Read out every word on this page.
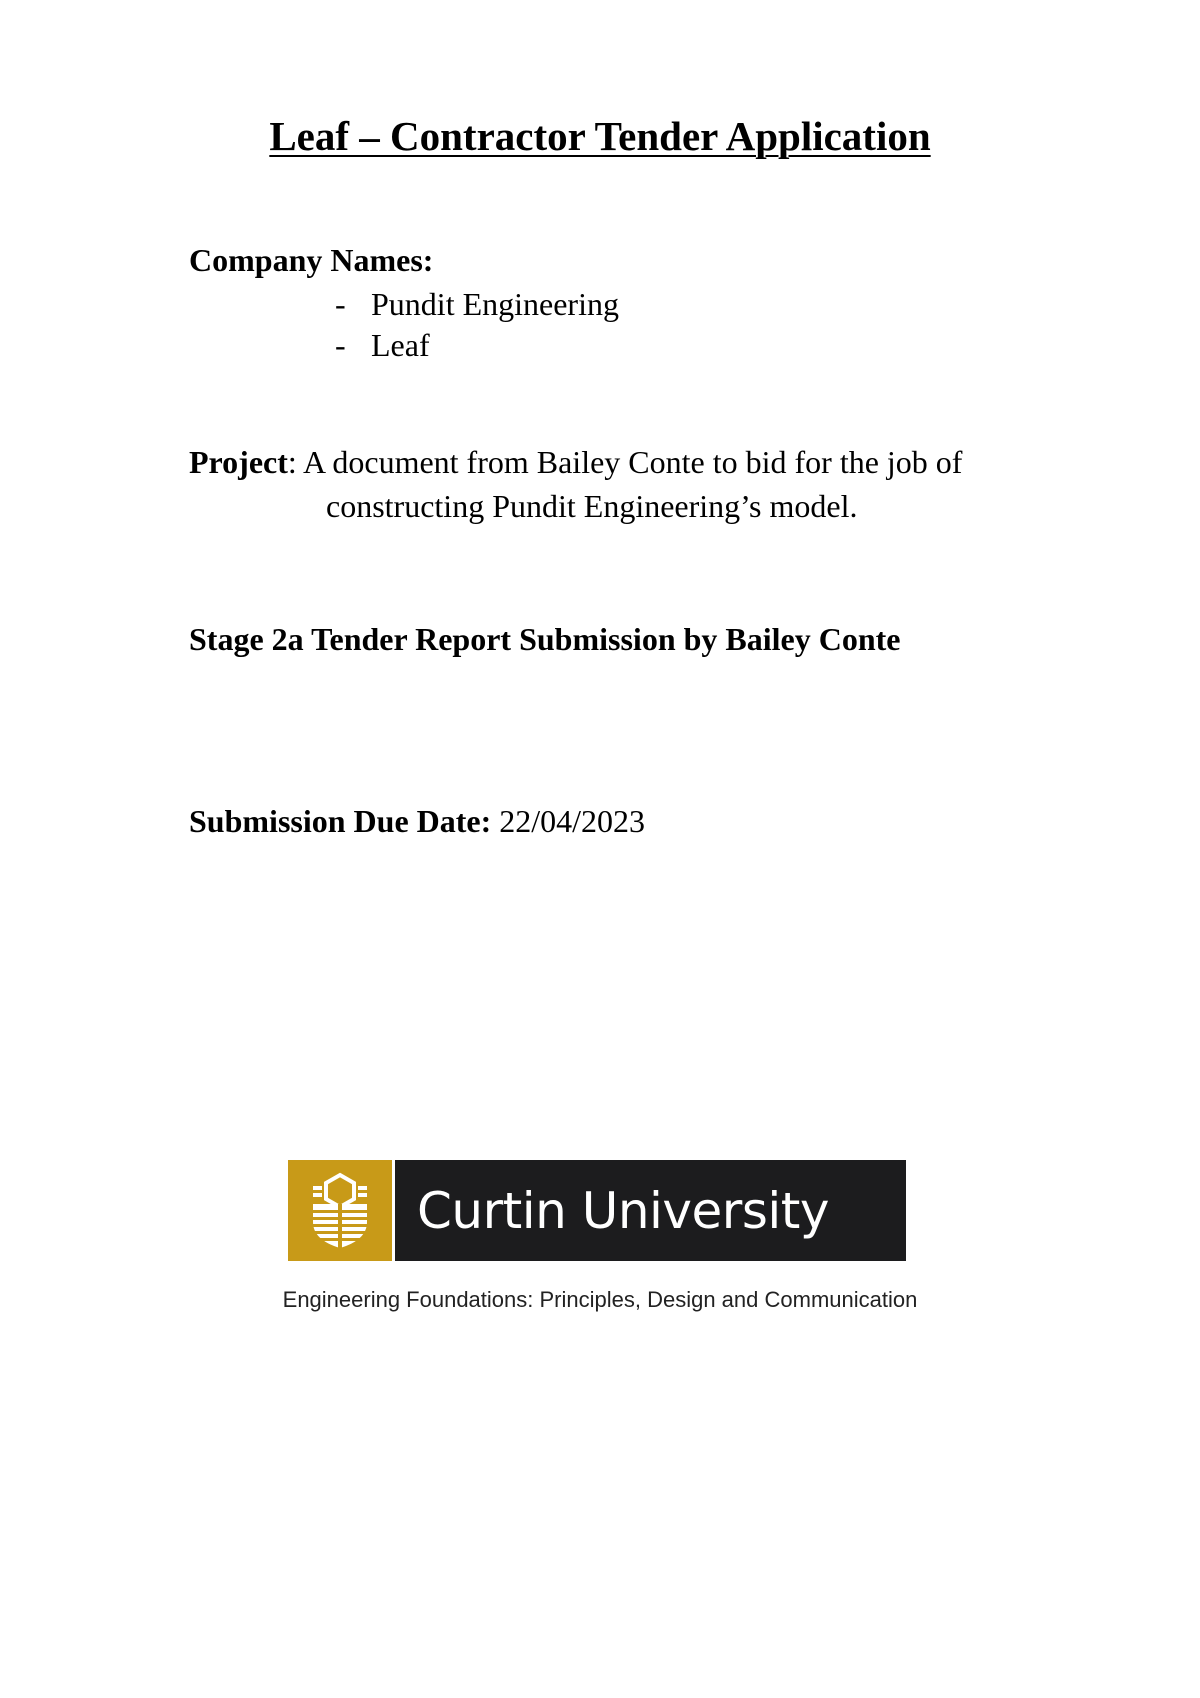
Leaf – Contractor Tender Application

Company Names:

- Pundit Engineering
- Leaf

Project: A document from Bailey Conte to bid for the job of
constructing Pundit Engineering’s model.

Stage 2a Tender Report Submission by Bailey Conte

Submission Due Date: 22/04/2023

Curtin University

Engineering Foundations: Principles, Design and Communication
